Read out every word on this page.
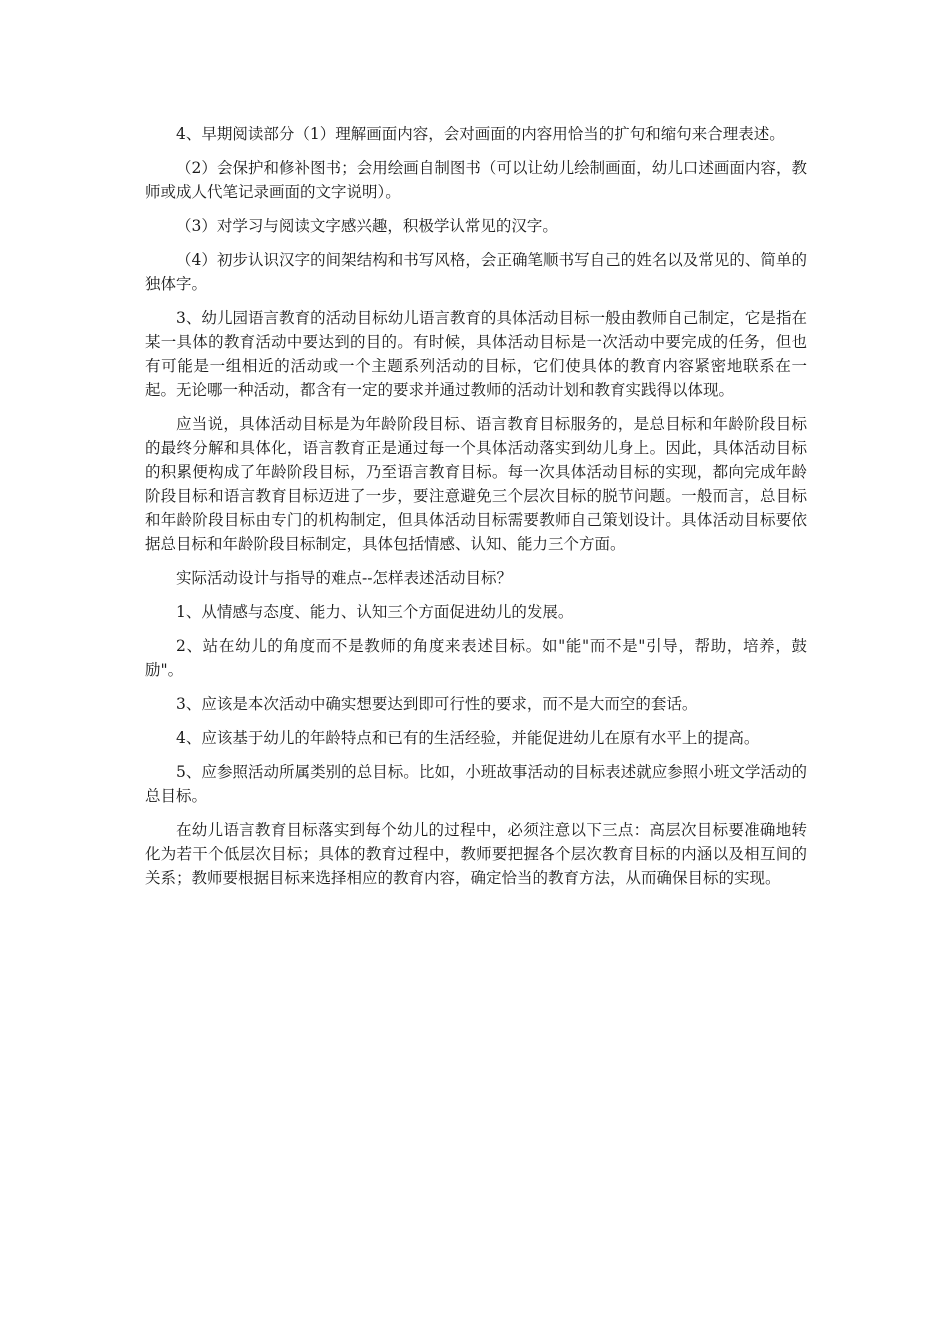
4、早期阅读部分（1）理解画面内容，会对画面的内容用恰当的扩句和缩句来合理表述。

（2）会保护和修补图书；会用绘画自制图书（可以让幼儿绘制画面，幼儿口述画面内容，教师或成人代笔记录画面的文字说明）。

（3）对学习与阅读文字感兴趣，积极学认常见的汉字。

（4）初步认识汉字的间架结构和书写风格，会正确笔顺书写自己的姓名以及常见的、简单的独体字。

3、幼儿园语言教育的活动目标幼儿语言教育的具体活动目标一般由教师自己制定，它是指在某一具体的教育活动中要达到的目的。有时候，具体活动目标是一次活动中要完成的任务，但也有可能是一组相近的活动或一个主题系列活动的目标，它们使具体的教育内容紧密地联系在一起。无论哪一种活动，都含有一定的要求并通过教师的活动计划和教育实践得以体现。

应当说，具体活动目标是为年龄阶段目标、语言教育目标服务的，是总目标和年龄阶段目标的最终分解和具体化，语言教育正是通过每一个具体活动落实到幼儿身上。因此，具体活动目标的积累便构成了年龄阶段目标，乃至语言教育目标。每一次具体活动目标的实现，都向完成年龄阶段目标和语言教育目标迈进了一步，要注意避免三个层次目标的脱节问题。一般而言，总目标和年龄阶段目标由专门的机构制定，但具体活动目标需要教师自己策划设计。具体活动目标要依据总目标和年龄阶段目标制定，具体包括情感、认知、能力三个方面。

实际活动设计与指导的难点--怎样表述活动目标？

1、从情感与态度、能力、认知三个方面促进幼儿的发展。

2、站在幼儿的角度而不是教师的角度来表述目标。如"能"而不是"引导，帮助，培养，鼓励"。

3、应该是本次活动中确实想要达到即可行性的要求，而不是大而空的套话。

4、应该基于幼儿的年龄特点和已有的生活经验，并能促进幼儿在原有水平上的提高。

5、应参照活动所属类别的总目标。比如，小班故事活动的目标表述就应参照小班文学活动的总目标。

在幼儿语言教育目标落实到每个幼儿的过程中，必须注意以下三点：高层次目标要准确地转化为若干个低层次目标；具体的教育过程中，教师要把握各个层次教育目标的内涵以及相互间的关系；教师要根据目标来选择相应的教育内容，确定恰当的教育方法，从而确保目标的实现。
